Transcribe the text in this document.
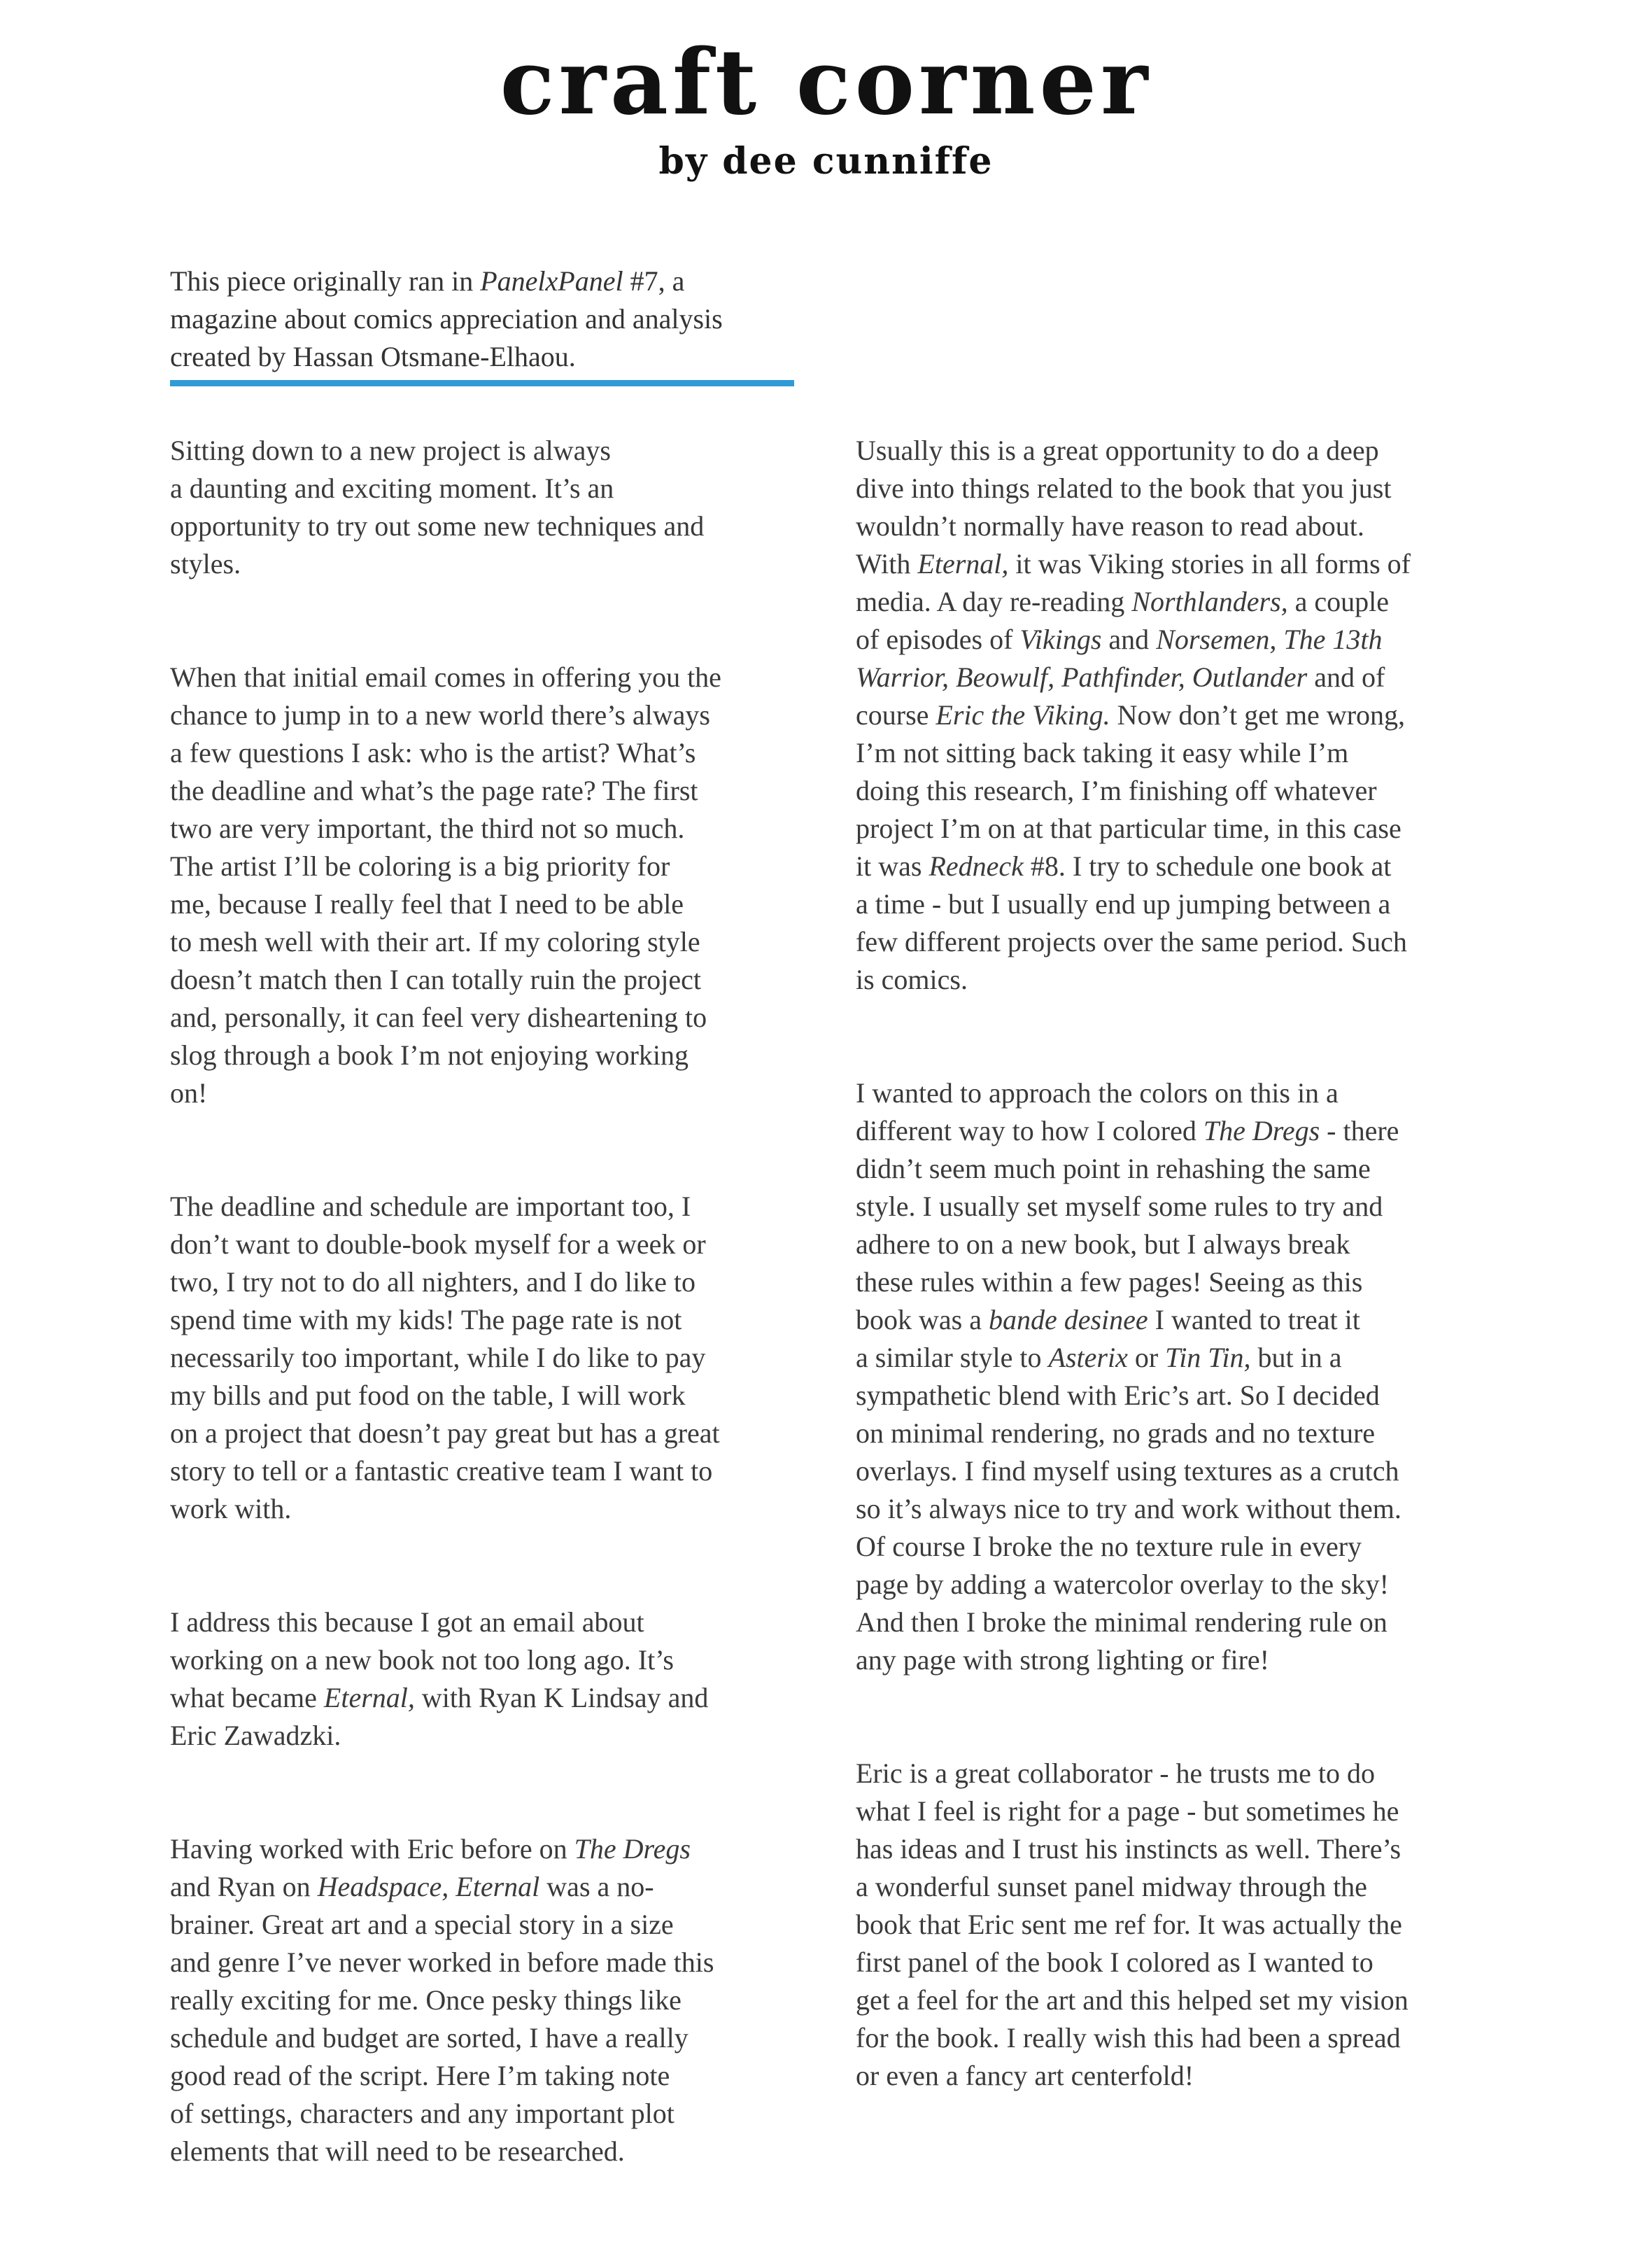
craft corner
by dee cunniffe
This piece originally ran in PanelxPanel #7, a
magazine about comics appreciation and analysis
created by Hassan Otsmane-Elhaou.

Sitting down to a new project is always
a daunting and exciting moment. It’s an
opportunity to try out some new techniques and
styles.

When that initial email comes in offering you the
chance to jump in to a new world there’s always
a few questions I ask: who is the artist? What’s
the deadline and what’s the page rate? The first
two are very important, the third not so much.
The artist I’ll be coloring is a big priority for
me, because I really feel that I need to be able
to mesh well with their art. If my coloring style
doesn’t match then I can totally ruin the project
and, personally, it can feel very disheartening to
slog through a book I’m not enjoying working
on!

The deadline and schedule are important too, I
don’t want to double-book myself for a week or
two, I try not to do all nighters, and I do like to
spend time with my kids! The page rate is not
necessarily too important, while I do like to pay
my bills and put food on the table, I will work
on a project that doesn’t pay great but has a great
story to tell or a fantastic creative team I want to
work with.

I address this because I got an email about
working on a new book not too long ago. It’s
what became Eternal, with Ryan K Lindsay and
Eric Zawadzki.

Having worked with Eric before on The Dregs
and Ryan on Headspace, Eternal was a no-
brainer. Great art and a special story in a size
and genre I’ve never worked in before made this
really exciting for me. Once pesky things like
schedule and budget are sorted, I have a really
good read of the script. Here I’m taking note
of settings, characters and any important plot
elements that will need to be researched.

Usually this is a great opportunity to do a deep
dive into things related to the book that you just
wouldn’t normally have reason to read about.
With Eternal, it was Viking stories in all forms of
media. A day re-reading Northlanders, a couple
of episodes of Vikings and Norsemen, The 13th
Warrior, Beowulf, Pathfinder, Outlander and of
course Eric the Viking. Now don’t get me wrong,
I’m not sitting back taking it easy while I’m
doing this research, I’m finishing off whatever
project I’m on at that particular time, in this case
it was Redneck #8. I try to schedule one book at
a time - but I usually end up jumping between a
few different projects over the same period. Such
is comics.

I wanted to approach the colors on this in a
different way to how I colored The Dregs - there
didn’t seem much point in rehashing the same
style. I usually set myself some rules to try and
adhere to on a new book, but I always break
these rules within a few pages! Seeing as this
book was a bande desinee I wanted to treat it
a similar style to Asterix or Tin Tin, but in a
sympathetic blend with Eric’s art. So I decided
on minimal rendering, no grads and no texture
overlays. I find myself using textures as a crutch
so it’s always nice to try and work without them.
Of course I broke the no texture rule in every
page by adding a watercolor overlay to the sky!
And then I broke the minimal rendering rule on
any page with strong lighting or fire!

Eric is a great collaborator - he trusts me to do
what I feel is right for a page - but sometimes he
has ideas and I trust his instincts as well. There’s
a wonderful sunset panel midway through the
book that Eric sent me ref for. It was actually the
first panel of the book I colored as I wanted to
get a feel for the art and this helped set my vision
for the book. I really wish this had been a spread
or even a fancy art centerfold!
